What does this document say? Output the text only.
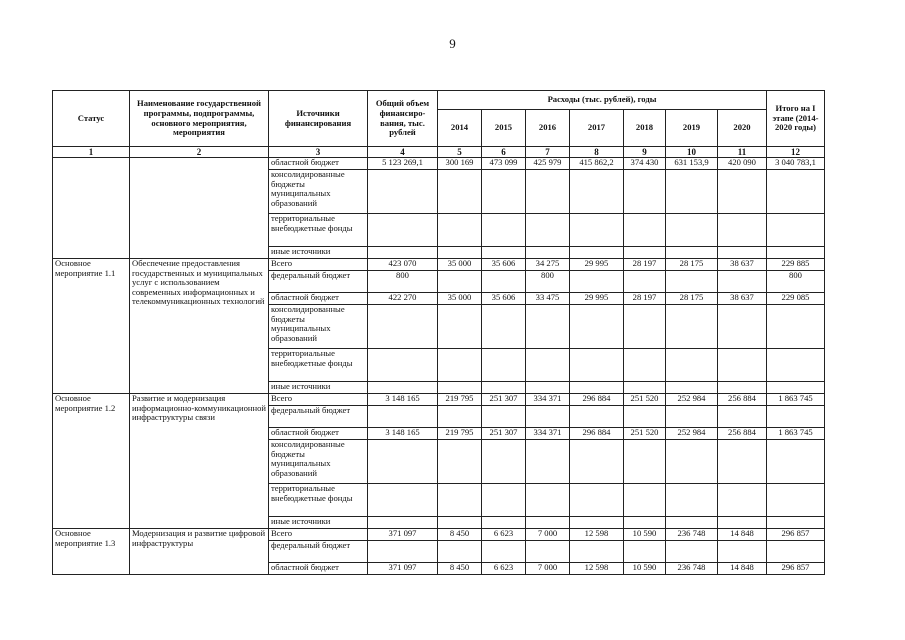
9
Статус	Наименование государственной программы, подпрограммы, основного мероприятия, мероприятия	Источники финансирования	Общий объем финансиро-вания, тыс. рублей	Расходы (тыс. рублей), годы							Итого на I этапе (2014-2020 годы)
				2014	2015	2016	2017	2018	2019	2020	
1	2	3	4	5	6	7	8	9	10	11	12
		областной бюджет	5 123 269,1	300 169	473 099	425 979	415 862,2	374 430	631 153,9	420 090	3 040 783,1
		консолидированные бюджеты муниципальных образований									
		территориальные внебюджетные фонды									
		иные источники									
Основное мероприятие 1.1	Обеспечение предоставления государственных и муниципальных услуг с использованием современных информационных и телекоммуникационных технологий	Всего	423 070	35 000	35 606	34 275	29 995	28 197	28 175	38 637	229 885
		федеральный бюджет	800			800					800
		областной бюджет	422 270	35 000	35 606	33 475	29 995	28 197	28 175	38 637	229 085
		консолидированные бюджеты муниципальных образований									
		территориальные внебюджетные фонды									
		иные источники									
Основное мероприятие 1.2	Развитие и модернизация информационно-коммуникационной инфраструктуры связи	Всего	3 148 165	219 795	251 307	334 371	296 884	251 520	252 984	256 884	1 863 745
		федеральный бюджет									
		областной бюджет	3 148 165	219 795	251 307	334 371	296 884	251 520	252 984	256 884	1 863 745
		консолидированные бюджеты муниципальных образований									
		территориальные внебюджетные фонды									
		иные источники									
Основное мероприятие 1.3	Модернизация и развитие цифровой инфраструктуры	Всего	371 097	8 450	6 623	7 000	12 598	10 590	236 748	14 848	296 857
		федеральный бюджет									
		областной бюджет	371 097	8 450	6 623	7 000	12 598	10 590	236 748	14 848	296 857
